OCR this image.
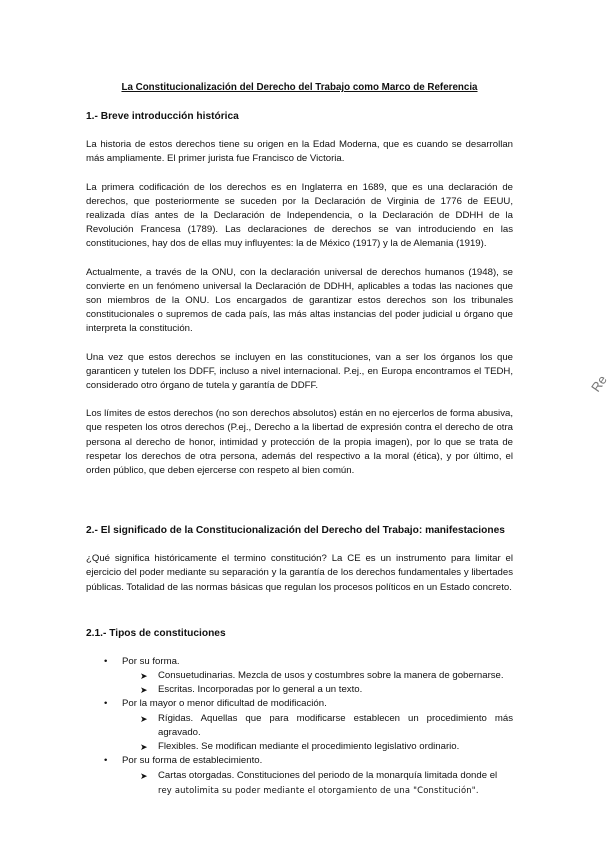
La Constitucionalización del Derecho del Trabajo como Marco de Referencia
1.- Breve introducción histórica

La historia de estos derechos tiene su origen en la Edad Moderna, que es cuando se desarrollan más ampliamente. El primer jurista fue Francisco de Victoria.

La primera codificación de los derechos es en Inglaterra en 1689, que es una declaración de derechos, que posteriormente se suceden por la Declaración de Virginia de 1776 de EEUU, realizada días antes de la Declaración de Independencia, o la Declaración de DDHH de la Revolución Francesa (1789). Las declaraciones de derechos se van introduciendo en las constituciones, hay dos de ellas muy influyentes: la de México (1917) y la de Alemania (1919).

Actualmente, a través de la ONU, con la declaración universal de derechos humanos (1948), se convierte en un fenómeno universal la Declaración de DDHH, aplicables a todas las naciones que son miembros de la ONU. Los encargados de garantizar estos derechos son los tribunales constitucionales o supremos de cada país, las más altas instancias del poder judicial u órgano que interpreta la constitución.

Una vez que estos derechos se incluyen en las constituciones, van a ser los órganos los que garanticen y tutelen los DDFF, incluso a nivel internacional. P.ej., en Europa encontramos el TEDH, considerado otro órgano de tutela y garantía de DDFF.

Los límites de estos derechos (no son derechos absolutos) están en no ejercerlos de forma abusiva, que respeten los otros derechos (P.ej., Derecho a la libertad de expresión contra el derecho de otra persona al derecho de honor, intimidad y protección de la propia imagen), por lo que se trata de respetar los derechos de otra persona, además del respectivo a la moral (ética), y por último, el orden público, que deben ejercerse con respeto al bien común.

2.- El significado de la Constitucionalización del Derecho del Trabajo: manifestaciones

¿Qué significa históricamente el termino constitución? La CE es un instrumento para limitar el ejercicio del poder mediante su separación y la garantía de los derechos fundamentales y libertades públicas. Totalidad de las normas básicas que regulan los procesos políticos en un Estado concreto.

2.1.- Tipos de constituciones
• Por su forma.
➤ Consuetudinarias. Mezcla de usos y costumbres sobre la manera de gobernarse.
➤ Escritas. Incorporadas por lo general a un texto.
• Por la mayor o menor dificultad de modificación.
➤ Rígidas. Aquellas que para modificarse establecen un procedimiento más agravado.
➤ Flexibles. Se modifican mediante el procedimiento legislativo ordinario.
• Por su forma de establecimiento.
➤ Cartas otorgadas. Constituciones del periodo de la monarquía limitada donde el
rey autolimita su poder mediante el otorgamiento de una "Constitución".
Re
